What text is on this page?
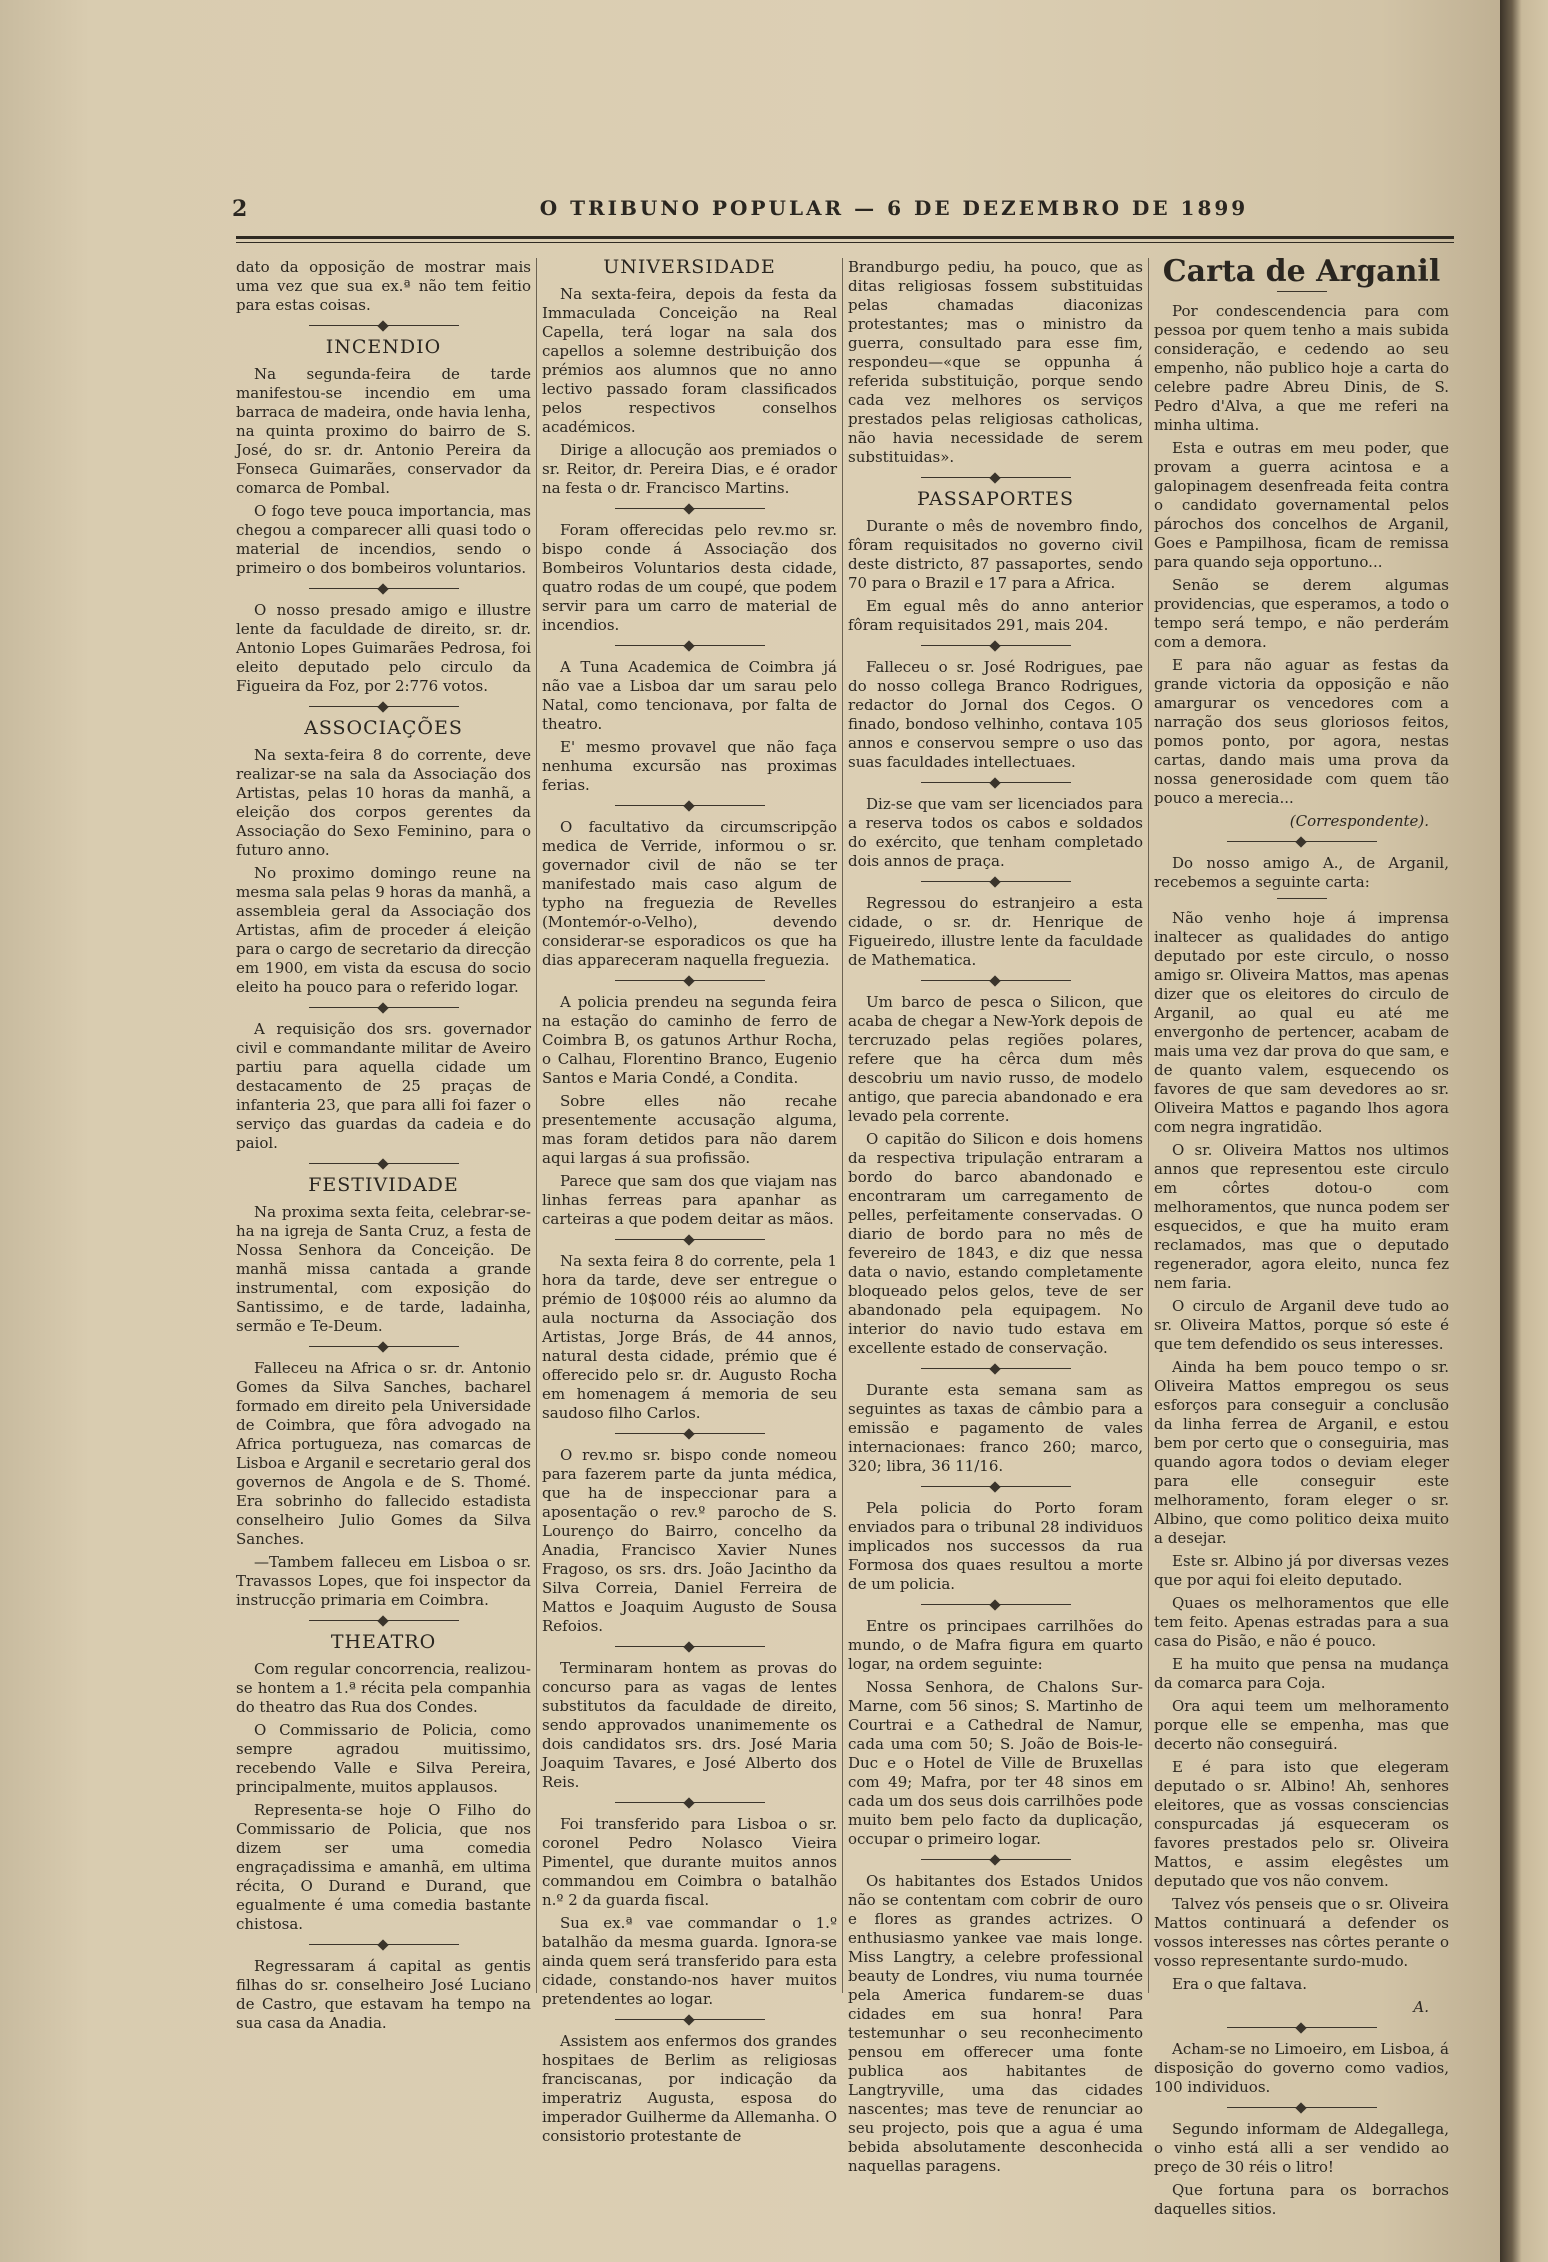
2	O TRIBUNO POPULAR — 6 DE DEZEMBRO DE 1899

dato da opposição de mostrar mais uma vez que sua ex.ª não tem feitio para estas coisas.

INCENDIO

Na segunda-feira de tarde manifestou-se incendio em uma barraca de madeira, onde havia lenha, na quinta proximo do bairro de S. José, do sr. dr. Antonio Pereira da Fonseca Guimarães, conservador da comarca de Pombal.

O fogo teve pouca importancia, mas chegou a comparecer alli quasi todo o material de incendios, sendo o primeiro o dos bombeiros voluntarios.

O nosso presado amigo e illustre lente da faculdade de direito, sr. dr. Antonio Lopes Guimarães Pedrosa, foi eleito deputado pelo circulo da Figueira da Foz, por 2:776 votos.

ASSOCIAÇÕES

Na sexta-feira 8 do corrente, deve realizar-se na sala da Associação dos Artistas, pelas 10 horas da manhã, a eleição dos corpos gerentes da Associação do Sexo Feminino, para o futuro anno.

No proximo domingo reune na mesma sala pelas 9 horas da manhã, a assembleia geral da Associação dos Artistas, afim de proceder á eleição para o cargo de secretario da direcção em 1900, em vista da escusa do socio eleito ha pouco para o referido logar.

A requisição dos srs. governador civil e commandante militar de Aveiro partiu para aquella cidade um destacamento de 25 praças de infanteria 23, que para alli foi fazer o serviço das guardas da cadeia e do paiol.

FESTIVIDADE

Na proxima sexta feita, celebrar-se-ha na igreja de Santa Cruz, a festa de Nossa Senhora da Conceição. De manhã missa cantada a grande instrumental, com exposição do Santissimo, e de tarde, ladainha, sermão e Te-Deum.

Falleceu na Africa o sr. dr. Antonio Gomes da Silva Sanches, bacharel formado em direito pela Universidade de Coimbra, que fôra advogado na Africa portugueza, nas comarcas de Lisboa e Arganil e secretario geral dos governos de Angola e de S. Thomé. Era sobrinho do fallecido estadista conselheiro Julio Gomes da Silva Sanches.

—Tambem falleceu em Lisboa o sr. Travassos Lopes, que foi inspector da instrucção primaria em Coimbra.

THEATRO

Com regular concorrencia, realizou-se hontem a 1.ª récita pela companhia do theatro das Rua dos Condes.

O Commissario de Policia, como sempre agradou muitissimo, recebendo Valle e Silva Pereira, principalmente, muitos applausos.

Representa-se hoje O Filho do Commissario de Policia, que nos dizem ser uma comedia engraçadissima e amanhã, em ultima récita, O Durand e Durand, que egualmente é uma comedia bastante chistosa.

Regressaram á capital as gentis filhas do sr. conselheiro José Luciano de Castro, que estavam ha tempo na sua casa da Anadia.

UNIVERSIDADE

Na sexta-feira, depois da festa da Immaculada Conceição na Real Capella, terá logar na sala dos capellos a solemne destribuição dos prémios aos alumnos que no anno lectivo passado foram classificados pelos respectivos conselhos académicos.

Dirige a allocução aos premiados o sr. Reitor, dr. Pereira Dias, e é orador na festa o dr. Francisco Martins.

Foram offerecidas pelo rev.mo sr. bispo conde á Associação dos Bombeiros Voluntarios desta cidade, quatro rodas de um coupé, que podem servir para um carro de material de incendios.

A Tuna Academica de Coimbra já não vae a Lisboa dar um sarau pelo Natal, como tencionava, por falta de theatro.

E' mesmo provavel que não faça nenhuma excursão nas proximas ferias.

O facultativo da circumscripção medica de Verride, informou o sr. governador civil de não se ter manifestado mais caso algum de typho na freguezia de Revelles (Montemór-o-Velho), devendo considerar-se esporadicos os que ha dias appareceram naquella freguezia.

A policia prendeu na segunda feira na estação do caminho de ferro de Coimbra B, os gatunos Arthur Rocha, o Calhau, Florentino Branco, Eugenio Santos e Maria Condé, a Condita.

Sobre elles não recahe presentemente accusação alguma, mas foram detidos para não darem aqui largas á sua profissão.

Parece que sam dos que viajam nas linhas ferreas para apanhar as carteiras a que podem deitar as mãos.

Na sexta feira 8 do corrente, pela 1 hora da tarde, deve ser entregue o prémio de 10$000 réis ao alumno da aula nocturna da Associação dos Artistas, Jorge Brás, de 44 annos, natural desta cidade, prémio que é offerecido pelo sr. dr. Augusto Rocha em homenagem á memoria de seu saudoso filho Carlos.

O rev.mo sr. bispo conde nomeou para fazerem parte da junta médica, que ha de inspeccionar para a aposentação o rev.º parocho de S. Lourenço do Bairro, concelho da Anadia, Francisco Xavier Nunes Fragoso, os srs. drs. João Jacintho da Silva Correia, Daniel Ferreira de Mattos e Joaquim Augusto de Sousa Refoios.

Terminaram hontem as provas do concurso para as vagas de lentes substitutos da faculdade de direito, sendo approvados unanimemente os dois candidatos srs. drs. José Maria Joaquim Tavares, e José Alberto dos Reis.

Foi transferido para Lisboa o sr. coronel Pedro Nolasco Vieira Pimentel, que durante muitos annos commandou em Coimbra o batalhão n.º 2 da guarda fiscal.

Sua ex.ª vae commandar o 1.º batalhão da mesma guarda. Ignora-se ainda quem será transferido para esta cidade, constando-nos haver muitos pretendentes ao logar.

Assistem aos enfermos dos grandes hospitaes de Berlim as religiosas franciscanas, por indicação da imperatriz Augusta, esposa do imperador Guilherme da Allemanha. O consistorio protestante de

Brandburgo pediu, ha pouco, que as ditas religiosas fossem substituidas pelas chamadas diaconizas protestantes; mas o ministro da guerra, consultado para esse fim, respondeu—«que se oppunha á referida substituição, porque sendo cada vez melhores os serviços prestados pelas religiosas catholicas, não havia necessidade de serem substituidas».

PASSAPORTES

Durante o mês de novembro findo, fôram requisitados no governo civil deste districto, 87 passaportes, sendo 70 para o Brazil e 17 para a Africa.

Em egual mês do anno anterior fôram requisitados 291, mais 204.

Falleceu o sr. José Rodrigues, pae do nosso collega Branco Rodrigues, redactor do Jornal dos Cegos. O finado, bondoso velhinho, contava 105 annos e conservou sempre o uso das suas faculdades intellectuaes.

Diz-se que vam ser licenciados para a reserva todos os cabos e soldados do exército, que tenham completado dois annos de praça.

Regressou do estranjeiro a esta cidade, o sr. dr. Henrique de Figueiredo, illustre lente da faculdade de Mathematica.

Um barco de pesca o Silicon, que acaba de chegar a New-York depois de tercruzado pelas regiões polares, refere que ha cêrca dum mês descobriu um navio russo, de modelo antigo, que parecia abandonado e era levado pela corrente.

O capitão do Silicon e dois homens da respectiva tripulação entraram a bordo do barco abandonado e encontraram um carregamento de pelles, perfeitamente conservadas. O diario de bordo para no mês de fevereiro de 1843, e diz que nessa data o navio, estando completamente bloqueado pelos gelos, teve de ser abandonado pela equipagem. No interior do navio tudo estava em excellente estado de conservação.

Durante esta semana sam as seguintes as taxas de câmbio para a emissão e pagamento de vales internacionaes: franco 260; marco, 320; libra, 36 11/16.

Pela policia do Porto foram enviados para o tribunal 28 individuos implicados nos successos da rua Formosa dos quaes resultou a morte de um policia.

Entre os principaes carrilhões do mundo, o de Mafra figura em quarto logar, na ordem seguinte:

Nossa Senhora, de Chalons Sur-Marne, com 56 sinos; S. Martinho de Courtrai e a Cathedral de Namur, cada uma com 50; S. João de Bois-le-Duc e o Hotel de Ville de Bruxellas com 49; Mafra, por ter 48 sinos em cada um dos seus dois carrilhões pode muito bem pelo facto da duplicação, occupar o primeiro logar.

Os habitantes dos Estados Unidos não se contentam com cobrir de ouro e flores as grandes actrizes. O enthusiasmo yankee vae mais longe. Miss Langtry, a celebre professional beauty de Londres, viu numa tournée pela America fundarem-se duas cidades em sua honra! Para testemunhar o seu reconhecimento pensou em offerecer uma fonte publica aos habitantes de Langtryville, uma das cidades nascentes; mas teve de renunciar ao seu projecto, pois que a agua é uma bebida absolutamente desconhecida naquellas paragens.

Carta de Arganil

Por condescendencia para com pessoa por quem tenho a mais subida consideração, e cedendo ao seu empenho, não publico hoje a carta do celebre padre Abreu Dinis, de S. Pedro d'Alva, a que me referi na minha ultima.

Esta e outras em meu poder, que provam a guerra acintosa e a galopinagem desenfreada feita contra o candidato governamental pelos párochos dos concelhos de Arganil, Goes e Pampilhosa, ficam de remissa para quando seja opportuno...

Senão se derem algumas providencias, que esperamos, a todo o tempo será tempo, e não perderám com a demora.

E para não aguar as festas da grande victoria da opposição e não amargurar os vencedores com a narração dos seus gloriosos feitos, pomos ponto, por agora, nestas cartas, dando mais uma prova da nossa generosidade com quem tão pouco a merecia...

(Correspondente).

Do nosso amigo A., de Arganil, recebemos a seguinte carta:

Não venho hoje á imprensa inaltecer as qualidades do antigo deputado por este circulo, o nosso amigo sr. Oliveira Mattos, mas apenas dizer que os eleitores do circulo de Arganil, ao qual eu até me envergonho de pertencer, acabam de mais uma vez dar prova do que sam, e de quanto valem, esquecendo os favores de que sam devedores ao sr. Oliveira Mattos e pagando lhos agora com negra ingratidão.

O sr. Oliveira Mattos nos ultimos annos que representou este circulo em côrtes dotou-o com melhoramentos, que nunca podem ser esquecidos, e que ha muito eram reclamados, mas que o deputado regenerador, agora eleito, nunca fez nem faria.

O circulo de Arganil deve tudo ao sr. Oliveira Mattos, porque só este é que tem defendido os seus interesses.

Ainda ha bem pouco tempo o sr. Oliveira Mattos empregou os seus esforços para conseguir a conclusão da linha ferrea de Arganil, e estou bem por certo que o conseguiria, mas quando agora todos o deviam eleger para elle conseguir este melhoramento, foram eleger o sr. Albino, que como politico deixa muito a desejar.

Este sr. Albino já por diversas vezes que por aqui foi eleito deputado.

Quaes os melhoramentos que elle tem feito. Apenas estradas para a sua casa do Pisão, e não é pouco.

E ha muito que pensa na mudança da comarca para Coja.

Ora aqui teem um melhoramento porque elle se empenha, mas que decerto não conseguirá.

E é para isto que elegeram deputado o sr. Albino! Ah, senhores eleitores, que as vossas consciencias conspurcadas já esqueceram os favores prestados pelo sr. Oliveira Mattos, e assim elegêstes um deputado que vos não convem.

Talvez vós penseis que o sr. Oliveira Mattos continuará a defender os vossos interesses nas côrtes perante o vosso representante surdo-mudo.

Era o que faltava.

A.

Acham-se no Limoeiro, em Lisboa, á disposição do governo como vadios, 100 individuos.

Segundo informam de Aldegallega, o vinho está alli a ser vendido ao preço de 30 réis o litro!

Que fortuna para os borrachos daquelles sitios.
